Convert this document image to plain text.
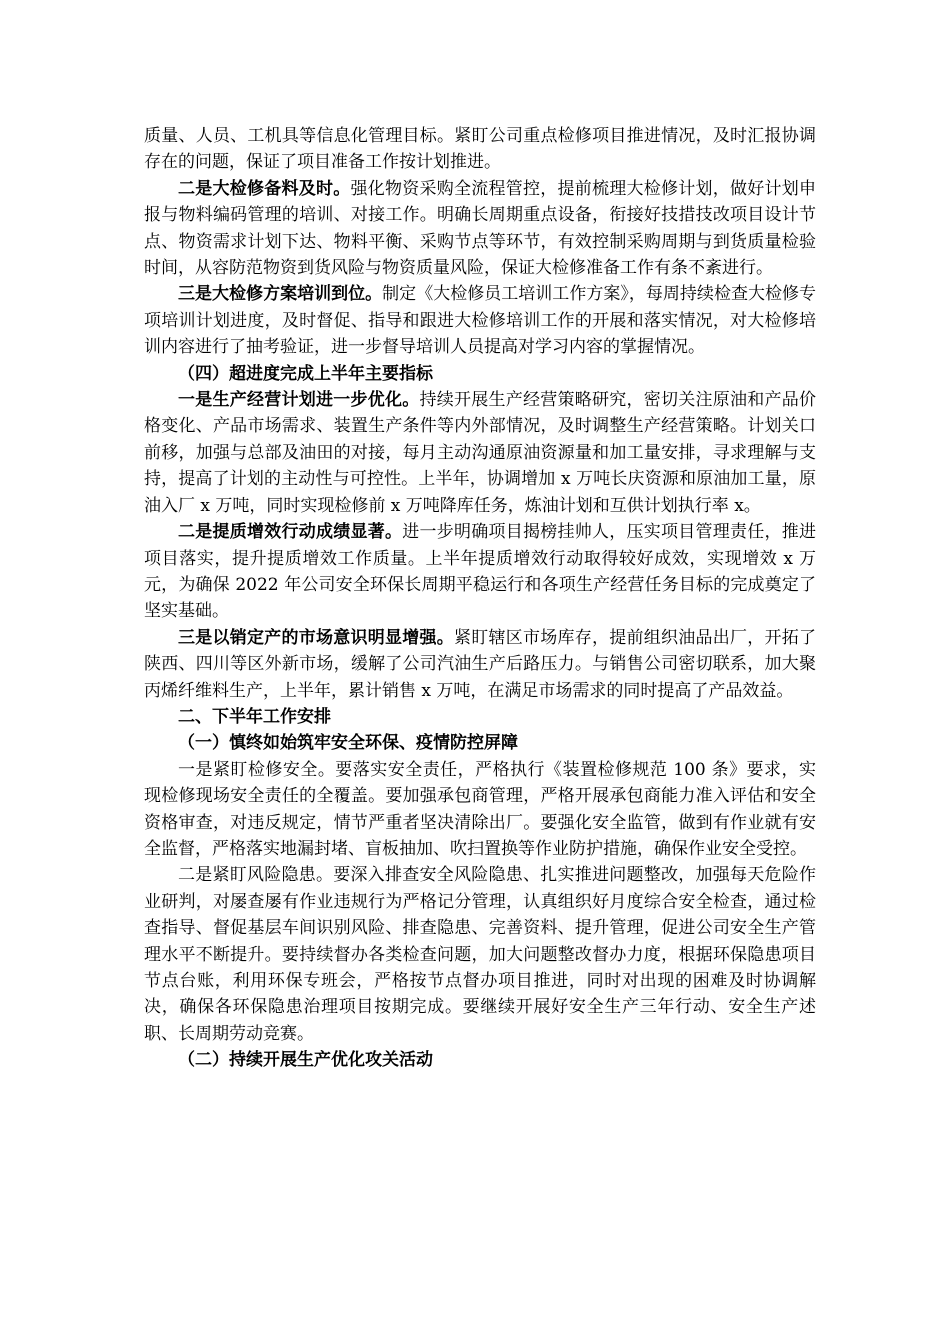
质量、人员、工机具等信息化管理目标。紧盯公司重点检修项目推进情况，及时汇报协调存在的问题，保证了项目准备工作按计划推进。

二是大检修备料及时。强化物资采购全流程管控，提前梳理大检修计划，做好计划申报与物料编码管理的培训、对接工作。明确长周期重点设备，衔接好技措技改项目设计节点、物资需求计划下达、物料平衡、采购节点等环节，有效控制采购周期与到货质量检验时间，从容防范物资到货风险与物资质量风险，保证大检修准备工作有条不紊进行。

三是大检修方案培训到位。制定《大检修员工培训工作方案》，每周持续检查大检修专项培训计划进度，及时督促、指导和跟进大检修培训工作的开展和落实情况，对大检修培训内容进行了抽考验证，进一步督导培训人员提高对学习内容的掌握情况。

（四）超进度完成上半年主要指标

一是生产经营计划进一步优化。持续开展生产经营策略研究，密切关注原油和产品价格变化、产品市场需求、装置生产条件等内外部情况，及时调整生产经营策略。计划关口前移，加强与总部及油田的对接，每月主动沟通原油资源量和加工量安排，寻求理解与支持，提高了计划的主动性与可控性。上半年，协调增加 x 万吨长庆资源和原油加工量，原油入厂 x 万吨，同时实现检修前 x 万吨降库任务，炼油计划和互供计划执行率 x。

二是提质增效行动成绩显著。进一步明确项目揭榜挂帅人，压实项目管理责任，推进项目落实，提升提质增效工作质量。上半年提质增效行动取得较好成效，实现增效 x 万元，为确保 2022 年公司安全环保长周期平稳运行和各项生产经营任务目标的完成奠定了坚实基础。

三是以销定产的市场意识明显增强。紧盯辖区市场库存，提前组织油品出厂，开拓了陕西、四川等区外新市场，缓解了公司汽油生产后路压力。与销售公司密切联系，加大聚丙烯纤维料生产，上半年，累计销售 x 万吨，在满足市场需求的同时提高了产品效益。

二、下半年工作安排

（一）慎终如始筑牢安全环保、疫情防控屏障

一是紧盯检修安全。要落实安全责任，严格执行《装置检修规范 100 条》要求，实现检修现场安全责任的全覆盖。要加强承包商管理，严格开展承包商能力准入评估和安全资格审查，对违反规定，情节严重者坚决清除出厂。要强化安全监管，做到有作业就有安全监督，严格落实地漏封堵、盲板抽加、吹扫置换等作业防护措施，确保作业安全受控。

二是紧盯风险隐患。要深入排查安全风险隐患、扎实推进问题整改，加强每天危险作业研判，对屡查屡有作业违规行为严格记分管理，认真组织好月度综合安全检查，通过检查指导、督促基层车间识别风险、排查隐患、完善资料、提升管理，促进公司安全生产管理水平不断提升。要持续督办各类检查问题，加大问题整改督办力度，根据环保隐患项目节点台账，利用环保专班会，严格按节点督办项目推进，同时对出现的困难及时协调解决，确保各环保隐患治理项目按期完成。要继续开展好安全生产三年行动、安全生产述职、长周期劳动竞赛。

（二）持续开展生产优化攻关活动
